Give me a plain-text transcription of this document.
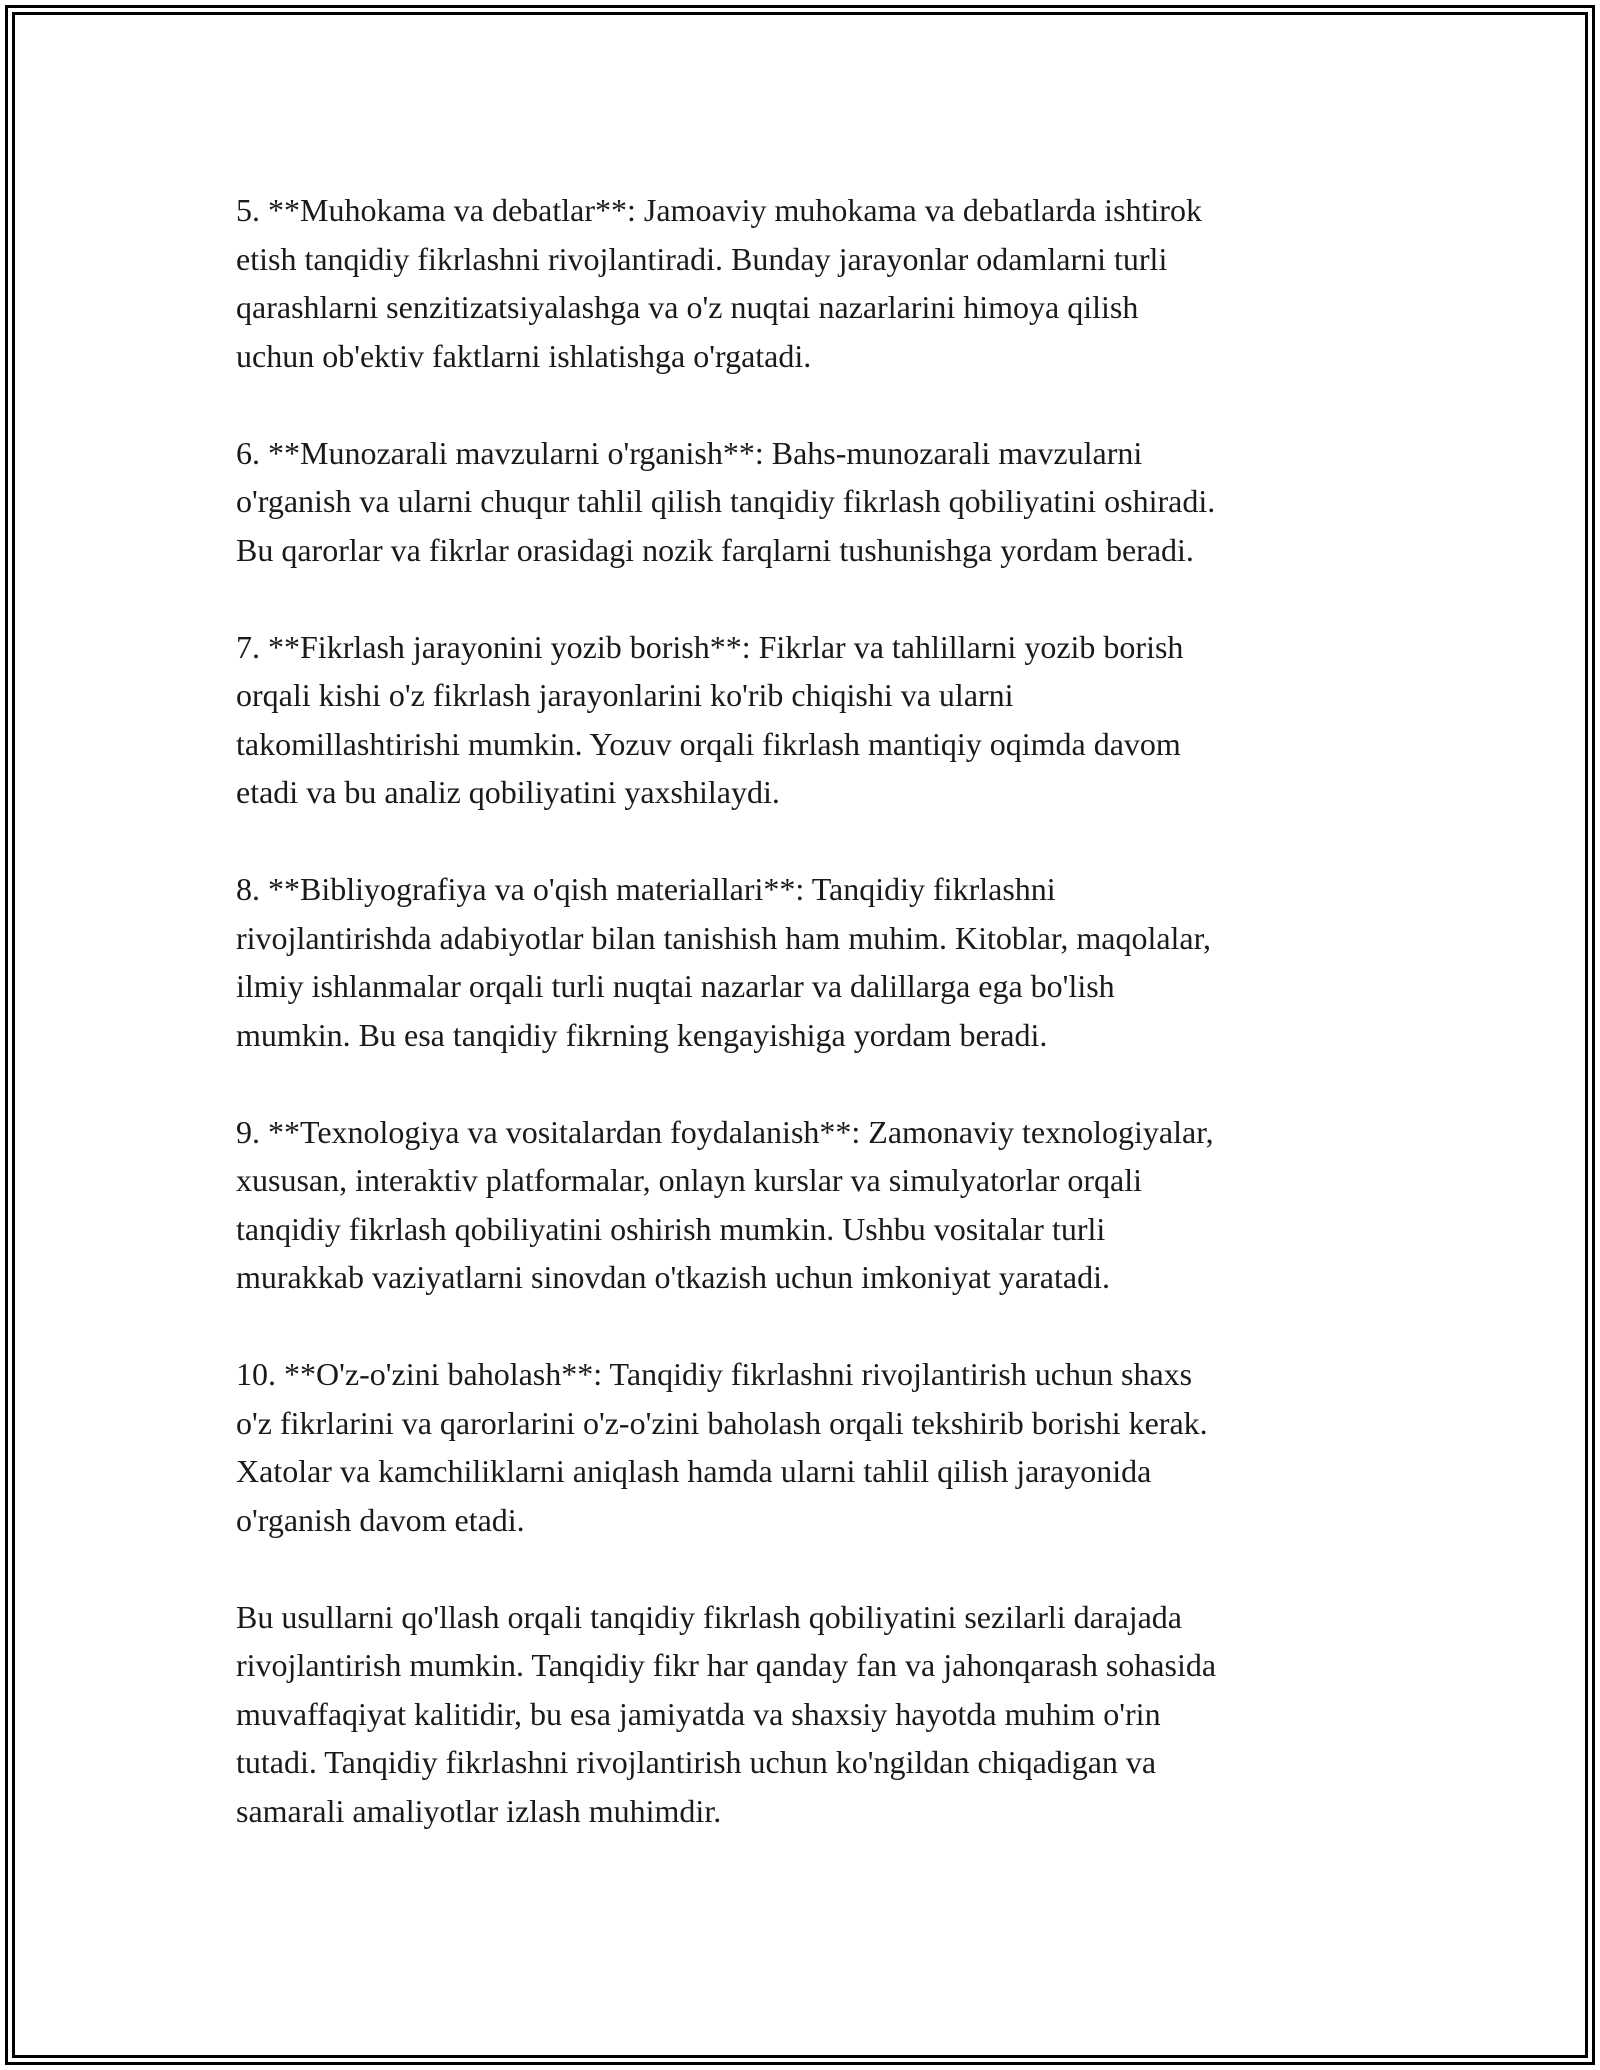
5. **Muhokama va debatlar**: Jamoaviy muhokama va debatlarda ishtirok
etish tanqidiy fikrlashni rivojlantiradi. Bunday jarayonlar odamlarni turli
qarashlarni senzitizatsiyalashga va o'z nuqtai nazarlarini himoya qilish
uchun ob'ektiv faktlarni ishlatishga o'rgatadi.

6. **Munozarali mavzularni o'rganish**: Bahs-munozarali mavzularni
o'rganish va ularni chuqur tahlil qilish tanqidiy fikrlash qobiliyatini oshiradi.
Bu qarorlar va fikrlar orasidagi nozik farqlarni tushunishga yordam beradi.

7. **Fikrlash jarayonini yozib borish**: Fikrlar va tahlillarni yozib borish
orqali kishi o'z fikrlash jarayonlarini ko'rib chiqishi va ularni
takomillashtirishi mumkin. Yozuv orqali fikrlash mantiqiy oqimda davom
etadi va bu analiz qobiliyatini yaxshilaydi.

8. **Bibliyografiya va o'qish materiallari**: Tanqidiy fikrlashni
rivojlantirishda adabiyotlar bilan tanishish ham muhim. Kitoblar, maqolalar,
ilmiy ishlanmalar orqali turli nuqtai nazarlar va dalillarga ega bo'lish
mumkin. Bu esa tanqidiy fikrning kengayishiga yordam beradi.

9. **Texnologiya va vositalardan foydalanish**: Zamonaviy texnologiyalar,
xususan, interaktiv platformalar, onlayn kurslar va simulyatorlar orqali
tanqidiy fikrlash qobiliyatini oshirish mumkin. Ushbu vositalar turli
murakkab vaziyatlarni sinovdan o'tkazish uchun imkoniyat yaratadi.

10. **O'z-o'zini baholash**: Tanqidiy fikrlashni rivojlantirish uchun shaxs
o'z fikrlarini va qarorlarini o'z-o'zini baholash orqali tekshirib borishi kerak.
Xatolar va kamchiliklarni aniqlash hamda ularni tahlil qilish jarayonida
o'rganish davom etadi.

Bu usullarni qo'llash orqali tanqidiy fikrlash qobiliyatini sezilarli darajada
rivojlantirish mumkin. Tanqidiy fikr har qanday fan va jahonqarash sohasida
muvaffaqiyat kalitidir, bu esa jamiyatda va shaxsiy hayotda muhim o'rin
tutadi. Tanqidiy fikrlashni rivojlantirish uchun ko'ngildan chiqadigan va
samarali amaliyotlar izlash muhimdir.
